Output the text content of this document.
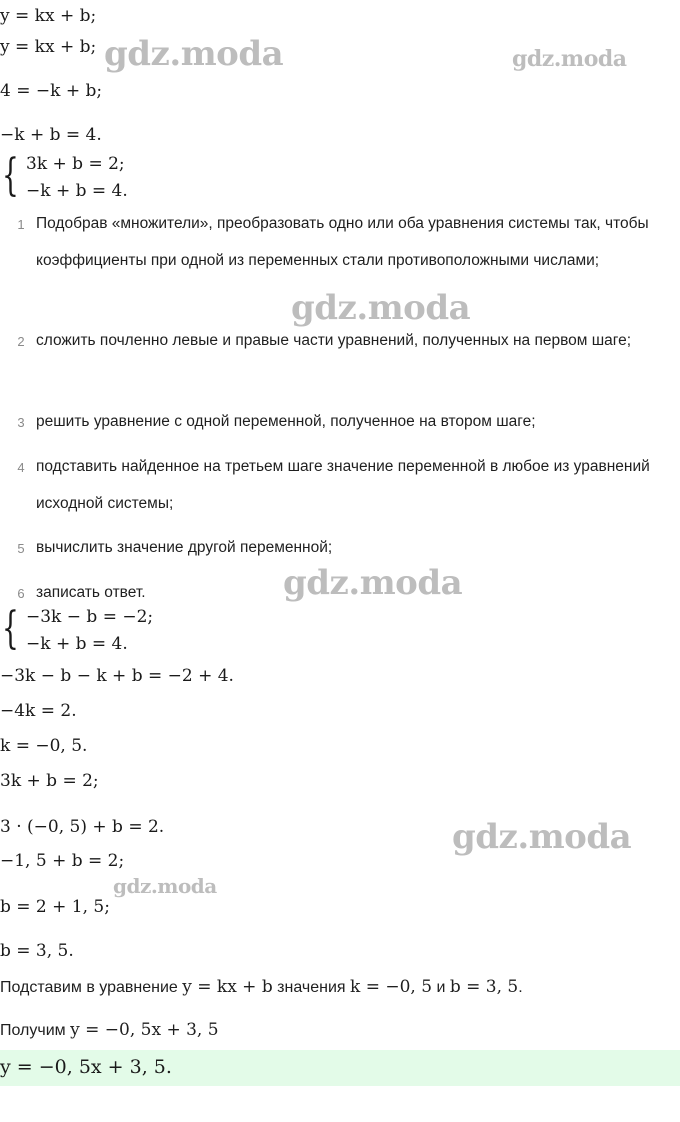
y = kx + b;
y = kx + b;
4 = −k + b;
−k + b = 4.
{ 3k + b = 2;
−k + b = 4.
1 Подобрав «множители», преобразовать одно или оба уравнения системы так, чтобы коэффициенты при одной из переменных стали противоположными числами;
2 сложить почленно левые и правые части уравнений, полученных на первом шаге;
3 решить уравнение с одной переменной, полученное на втором шаге;
4 подставить найденное на третьем шаге значение переменной в любое из уравнений исходной системы;
5 вычислить значение другой переменной;
6 записать ответ.
{ −3k − b = −2;
−k + b = 4.
−3k − b − k + b = −2 + 4.
−4k = 2.
k = −0, 5.
3k + b = 2;
3 · (−0, 5) + b = 2.
−1, 5 + b = 2;
b = 2 + 1, 5;
b = 3, 5.
Подставим в уравнение y = kx + b значения k = −0, 5 и b = 3, 5.
Получим y = −0, 5x + 3, 5
y = −0, 5x + 3, 5.
gdz.moda	gdz.moda
gdz.moda
gdz.moda
gdz.moda
gdz.moda
